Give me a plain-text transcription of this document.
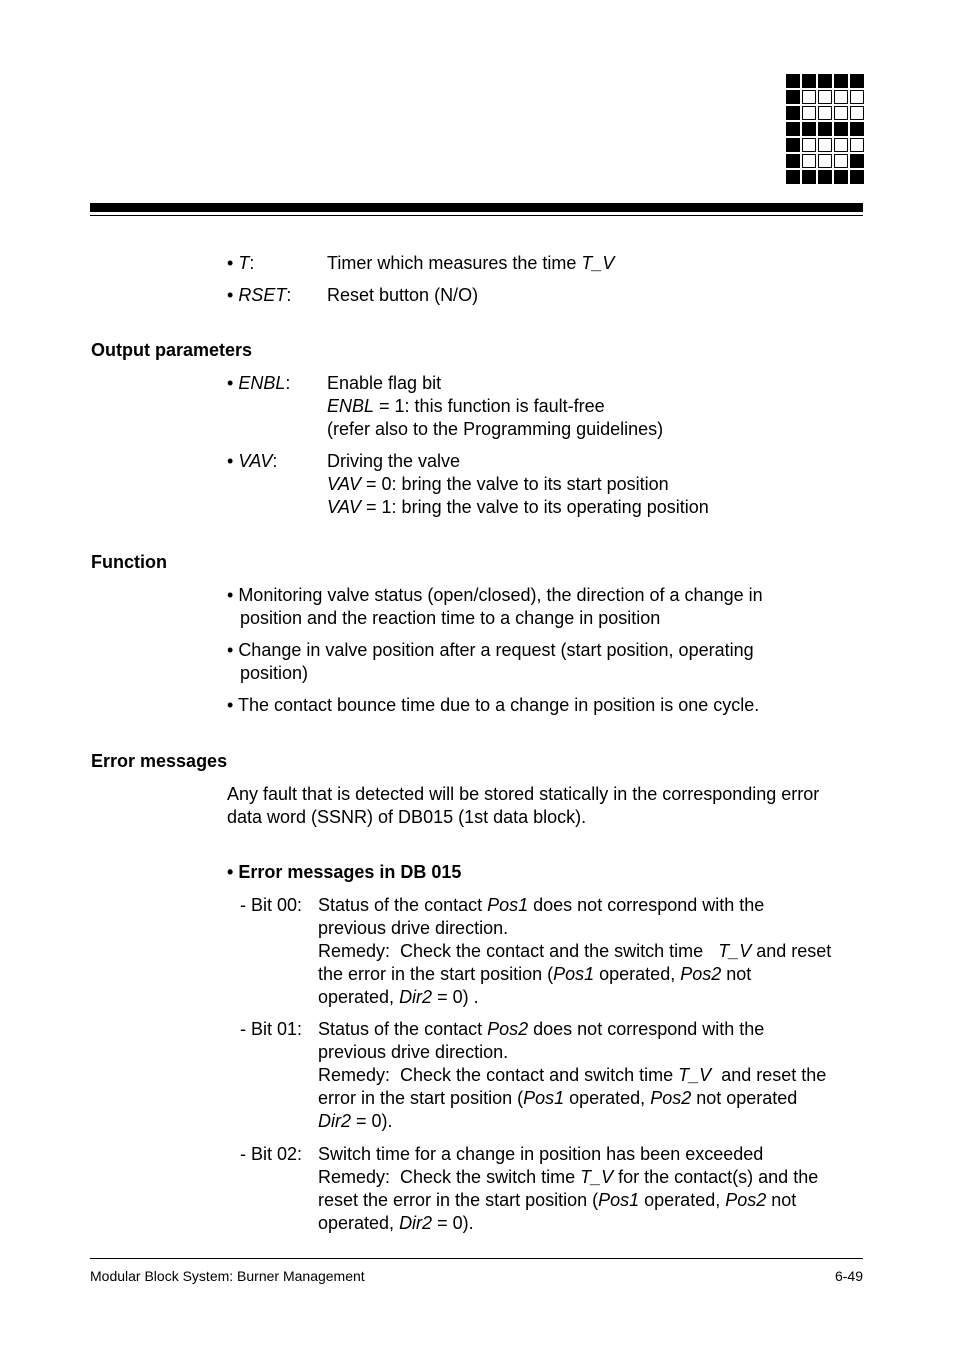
• T:	Timer which measures the time T_V
• RSET: Reset button (N/O)
Output parameters
• ENBL: Enable flag bit
ENBL = 1: this function is fault-free
(refer also to the Programming guidelines)
• VAV:	Driving the valve
VAV = 0: bring the valve to its start position
VAV = 1: bring the valve to its operating position
Function
• Monitoring valve status (open/closed), the direction of a change in
position and the reaction time to a change in position
• Change in valve position after a request (start position, operating
position)
• The contact bounce time due to a change in position is one cycle.
Error messages
Any fault that is detected will be stored statically in the corresponding error
data word (SSNR) of DB015 (1st data block).
• Error messages in DB 015
- Bit 00: Status of the contact Pos1 does not correspond with the
previous drive direction.
Remedy:  Check the contact and the switch time   T_V and reset
the error in the start position (Pos1 operated, Pos2 not
operated, Dir2 = 0) .
- Bit 01: Status of the contact Pos2 does not correspond with the
previous drive direction.
Remedy:  Check the contact and switch time T_V  and reset the
error in the start position (Pos1 operated, Pos2 not operated
Dir2 = 0).
- Bit 02: Switch time for a change in position has been exceeded
Remedy:  Check the switch time T_V for the contact(s) and the
reset the error in the start position (Pos1 operated, Pos2 not
operated, Dir2 = 0).
Modular Block System: Burner Management	6-49
